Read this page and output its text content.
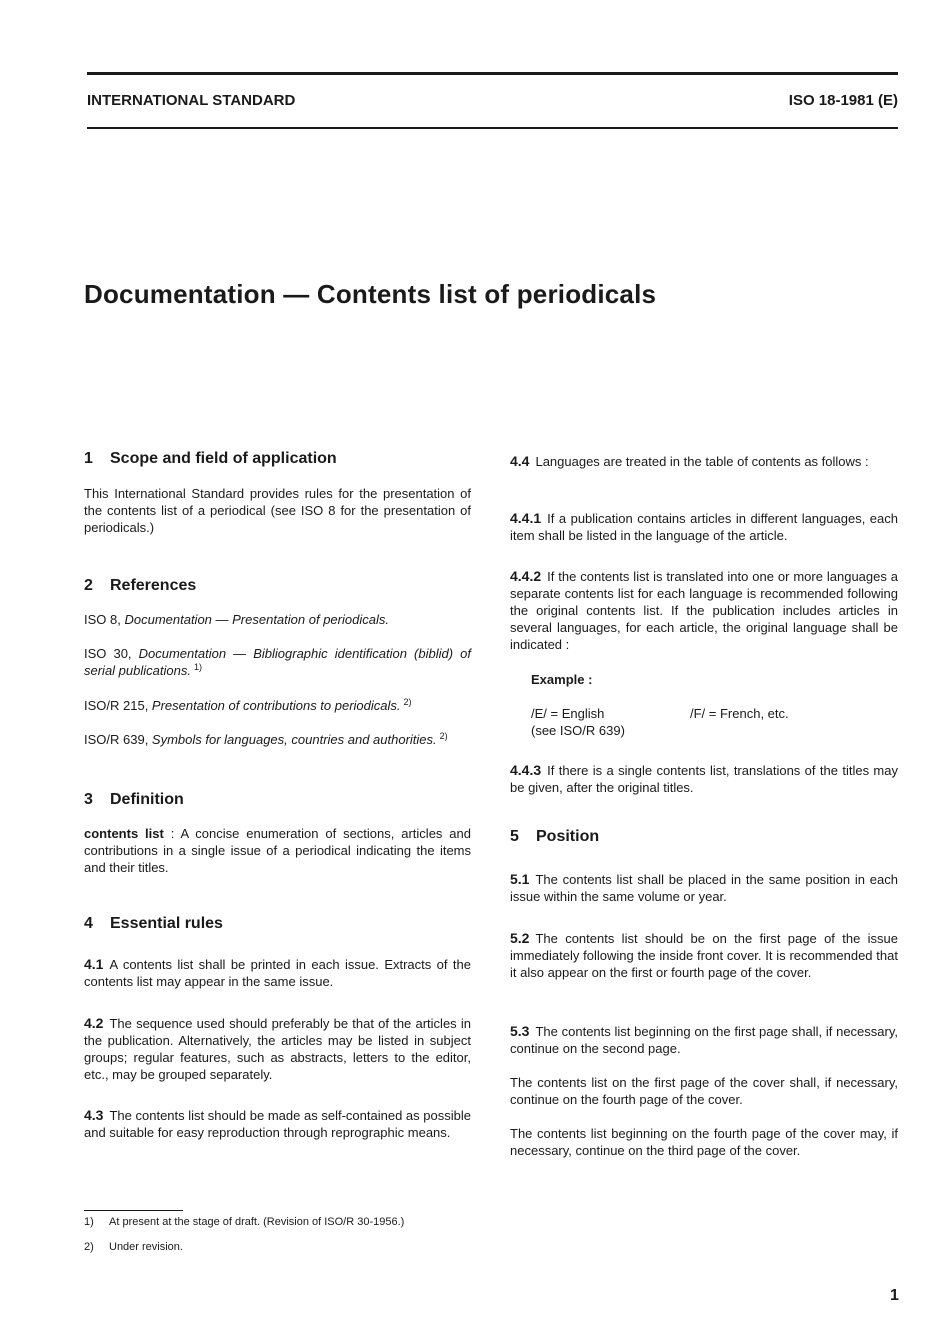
INTERNATIONAL STANDARD	ISO 18-1981 (E)
Documentation — Contents list of periodicals
1 Scope and field of application
This International Standard provides rules for the presentation of the contents list of a periodical (see ISO 8 for the presentation of periodicals.)
2 References
ISO 8, Documentation — Presentation of periodicals.
ISO 30, Documentation — Bibliographic identification (biblid) of serial publications. $^{1)}$
ISO/R 215, Presentation of contributions to periodicals. $^{2)}$
ISO/R 639, Symbols for languages, countries and authorities. $^{2)}$
3 Definition
contents list : A concise enumeration of sections, articles and contributions in a single issue of a periodical indicating the items and their titles.
4 Essential rules
4.1 A contents list shall be printed in each issue. Extracts of the contents list may appear in the same issue.
4.2 The sequence used should preferably be that of the articles in the publication. Alternatively, the articles may be listed in subject groups; regular features, such as abstracts, letters to the editor, etc., may be grouped separately.
4.3 The contents list should be made as self-contained as possible and suitable for easy reproduction through reprographic means.
1) At present at the stage of draft. (Revision of ISO/R 30-1956.)
2) Under revision.
4.4 Languages are treated in the table of contents as follows :
4.4.1 If a publication contains articles in different languages, each item shall be listed in the language of the article.
4.4.2 If the contents list is translated into one or more languages a separate contents list for each language is recommended following the original contents list. If the publication includes articles in several languages, for each article, the original language shall be indicated :
Example :
/E/ = English
(see ISO/R 639)
/F/ = French, etc.
4.4.3 If there is a single contents list, translations of the titles may be given, after the original titles.
5 Position
5.1 The contents list shall be placed in the same position in each issue within the same volume or year.
5.2 The contents list should be on the first page of the issue immediately following the inside front cover. It is recommended that it also appear on the first or fourth page of the cover.
5.3 The contents list beginning on the first page shall, if necessary, continue on the second page.
The contents list on the first page of the cover shall, if necessary, continue on the fourth page of the cover.
The contents list beginning on the fourth page of the cover may, if necessary, continue on the third page of the cover.
1
